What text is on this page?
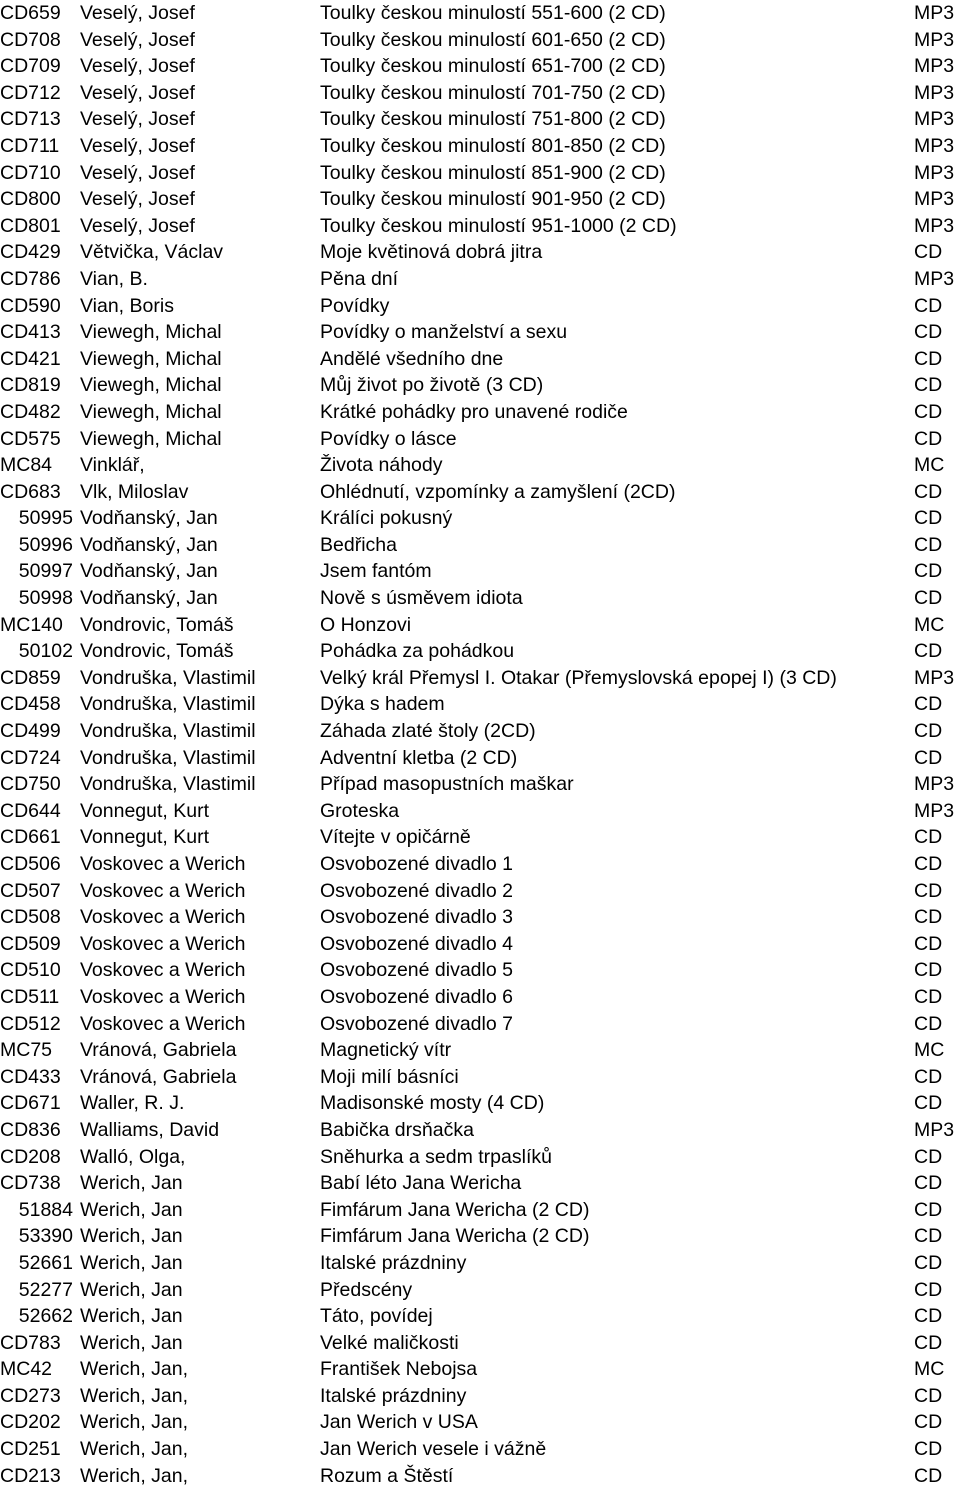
CD659 Veselý, Josef	Toulky českou minulostí 551-600 (2 CD)	MP3
CD708 Veselý, Josef	Toulky českou minulostí 601-650 (2 CD)	MP3
CD709 Veselý, Josef	Toulky českou minulostí 651-700 (2 CD)	MP3
CD712 Veselý, Josef	Toulky českou minulostí 701-750 (2 CD)	MP3
CD713 Veselý, Josef	Toulky českou minulostí 751-800 (2 CD)	MP3
CD711 Veselý, Josef	Toulky českou minulostí 801-850 (2 CD)	MP3
CD710 Veselý, Josef	Toulky českou minulostí 851-900 (2 CD)	MP3
CD800 Veselý, Josef	Toulky českou minulostí 901-950 (2 CD)	MP3
CD801 Veselý, Josef	Toulky českou minulostí 951-1000 (2 CD)	MP3
CD429 Větvička, Václav	Moje květinová dobrá jitra	CD
CD786 Vian, B.	Pěna dní	MP3
CD590 Vian, Boris	Povídky	CD
CD413 Viewegh, Michal	Povídky o manželství a sexu	CD
CD421 Viewegh, Michal	Andělé všedního dne	CD
CD819 Viewegh, Michal	Můj život po životě (3 CD)	CD
CD482 Viewegh, Michal	Krátké pohádky pro unavené rodiče	CD
CD575 Viewegh, Michal	Povídky o lásce	CD
MC84 Vinklář,	Života náhody	MC
CD683 Vlk, Miloslav	Ohlédnutí, vzpomínky a zamyšlení (2CD)	CD
50995 Vodňanský, Jan	Králíci pokusný	CD
50996 Vodňanský, Jan	Bedřicha	CD
50997 Vodňanský, Jan	Jsem fantóm	CD
50998 Vodňanský, Jan	Nově s úsměvem idiota	CD
MC140 Vondrovic, Tomáš	O Honzovi	MC
50102 Vondrovic, Tomáš	Pohádka za pohádkou	CD
CD859 Vondruška, Vlastimil	Velký král Přemysl I. Otakar (Přemyslovská epopej I) (3 CD)	MP3
CD458 Vondruška, Vlastimil	Dýka s hadem	CD
CD499 Vondruška, Vlastimil	Záhada zlaté štoly (2CD)	CD
CD724 Vondruška, Vlastimil	Adventní kletba (2 CD)	CD
CD750 Vondruška, Vlastimil	Případ masopustních maškar	MP3
CD644 Vonnegut, Kurt	Groteska	MP3
CD661 Vonnegut, Kurt	Vítejte v opičárně	CD
CD506 Voskovec a Werich	Osvobozené divadlo 1	CD
CD507 Voskovec a Werich	Osvobozené divadlo 2	CD
CD508 Voskovec a Werich	Osvobozené divadlo 3	CD
CD509 Voskovec a Werich	Osvobozené divadlo 4	CD
CD510 Voskovec a Werich	Osvobozené divadlo 5	CD
CD511 Voskovec a Werich	Osvobozené divadlo 6	CD
CD512 Voskovec a Werich	Osvobozené divadlo 7	CD
MC75 Vránová, Gabriela	Magnetický vítr	MC
CD433 Vránová, Gabriela	Moji milí básníci	CD
CD671 Waller, R. J.	Madisonské mosty (4 CD)	CD
CD836 Walliams, David	Babička drsňačka	MP3
CD208 Walló, Olga,	Sněhurka a sedm trpaslíků	CD
CD738 Werich, Jan	Babí léto Jana Wericha	CD
51884 Werich, Jan	Fimfárum Jana Wericha (2 CD)	CD
53390 Werich, Jan	Fimfárum Jana Wericha (2 CD)	CD
52661 Werich, Jan	Italské prázdniny	CD
52277 Werich, Jan	Předscény	CD
52662 Werich, Jan	Táto, povídej	CD
CD783 Werich, Jan	Velké maličkosti	CD
MC42 Werich, Jan,	František Nebojsa	MC
CD273 Werich, Jan,	Italské prázdniny	CD
CD202 Werich, Jan,	Jan Werich v USA	CD
CD251 Werich, Jan,	Jan Werich vesele i vážně	CD
CD213 Werich, Jan,	Rozum a Štěstí	CD
